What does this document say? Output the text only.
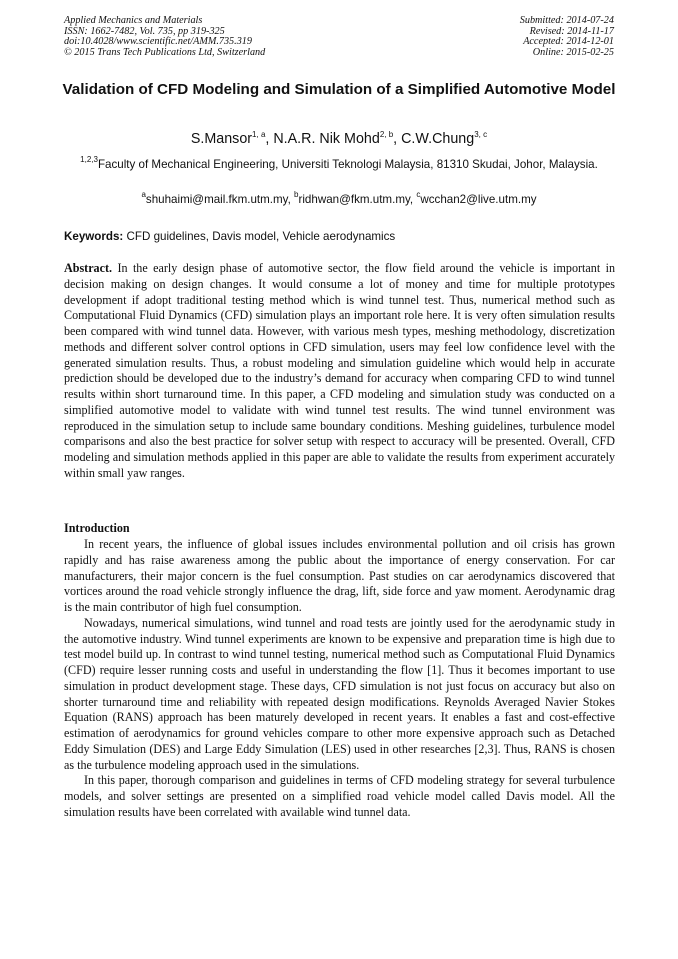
Applied Mechanics and Materials
ISSN: 1662-7482, Vol. 735, pp 319-325
doi:10.4028/www.scientific.net/AMM.735.319
© 2015 Trans Tech Publications Ltd, Switzerland
Submitted: 2014-07-24
Revised: 2014-11-17
Accepted: 2014-12-01
Online: 2015-02-25
Validation of CFD Modeling and Simulation of a Simplified Automotive Model
S.Mansor$^{1, a}$, N.A.R. Nik Mohd$^{2, b}$, C.W.Chung$^{3, c}$
$^{1,2,3}$Faculty of Mechanical Engineering, Universiti Teknologi Malaysia, 81310 Skudai, Johor, Malaysia.
$^a$shuhaimi@mail.fkm.utm.my, $^b$ridhwan@fkm.utm.my, $^c$wcchan2@live.utm.my
Keywords: CFD guidelines, Davis model, Vehicle aerodynamics

Abstract. In the early design phase of automotive sector, the flow field around the vehicle is important in decision making on design changes. It would consume a lot of money and time for multiple prototypes development if adopt traditional testing method which is wind tunnel test. Thus, numerical method such as Computational Fluid Dynamics (CFD) simulation plays an important role here. It is very often simulation results been compared with wind tunnel data. However, with various mesh types, meshing methodology, discretization methods and different solver control options in CFD simulation, users may feel low confidence level with the generated simulation results. Thus, a robust modeling and simulation guideline which would help in accurate prediction should be developed due to the industry’s demand for accuracy when comparing CFD to wind tunnel results within short turnaround time. In this paper, a CFD modeling and simulation study was conducted on a simplified automotive model to validate with wind tunnel test results. The wind tunnel environment was reproduced in the simulation setup to include same boundary conditions. Meshing guidelines, turbulence model comparisons and also the best practice for solver setup with respect to accuracy will be presented. Overall, CFD modeling and simulation methods applied in this paper are able to validate the results from experiment accurately within small yaw ranges.

Introduction

In recent years, the influence of global issues includes environmental pollution and oil crisis has grown rapidly and has raise awareness among the public about the importance of energy conservation. For car manufacturers, their major concern is the fuel consumption. Past studies on car aerodynamics discovered that vortices around the road vehicle strongly influence the drag, lift, side force and yaw moment. Aerodynamic drag is the main contributor of high fuel consumption.

Nowadays, numerical simulations, wind tunnel and road tests are jointly used for the aerodynamic study in the automotive industry. Wind tunnel experiments are known to be expensive and preparation time is high due to test model build up. In contrast to wind tunnel testing, numerical method such as Computational Fluid Dynamics (CFD) require lesser running costs and useful in understanding the flow [1]. Thus it becomes important to use simulation in product development stage. These days, CFD simulation is not just focus on accuracy but also on shorter turnaround time and reliability with repeated design modifications. Reynolds Averaged Navier Stokes Equation (RANS) approach has been maturely developed in recent years. It enables a fast and cost-effective estimation of aerodynamics for ground vehicles compare to other more expensive approach such as Detached Eddy Simulation (DES) and Large Eddy Simulation (LES) used in other researches [2,3]. Thus, RANS is chosen as the turbulence modeling approach used in the simulations.

In this paper, thorough comparison and guidelines in terms of CFD modeling strategy for several turbulence models, and solver settings are presented on a simplified road vehicle model called Davis model. All the simulation results have been correlated with available wind tunnel data.
